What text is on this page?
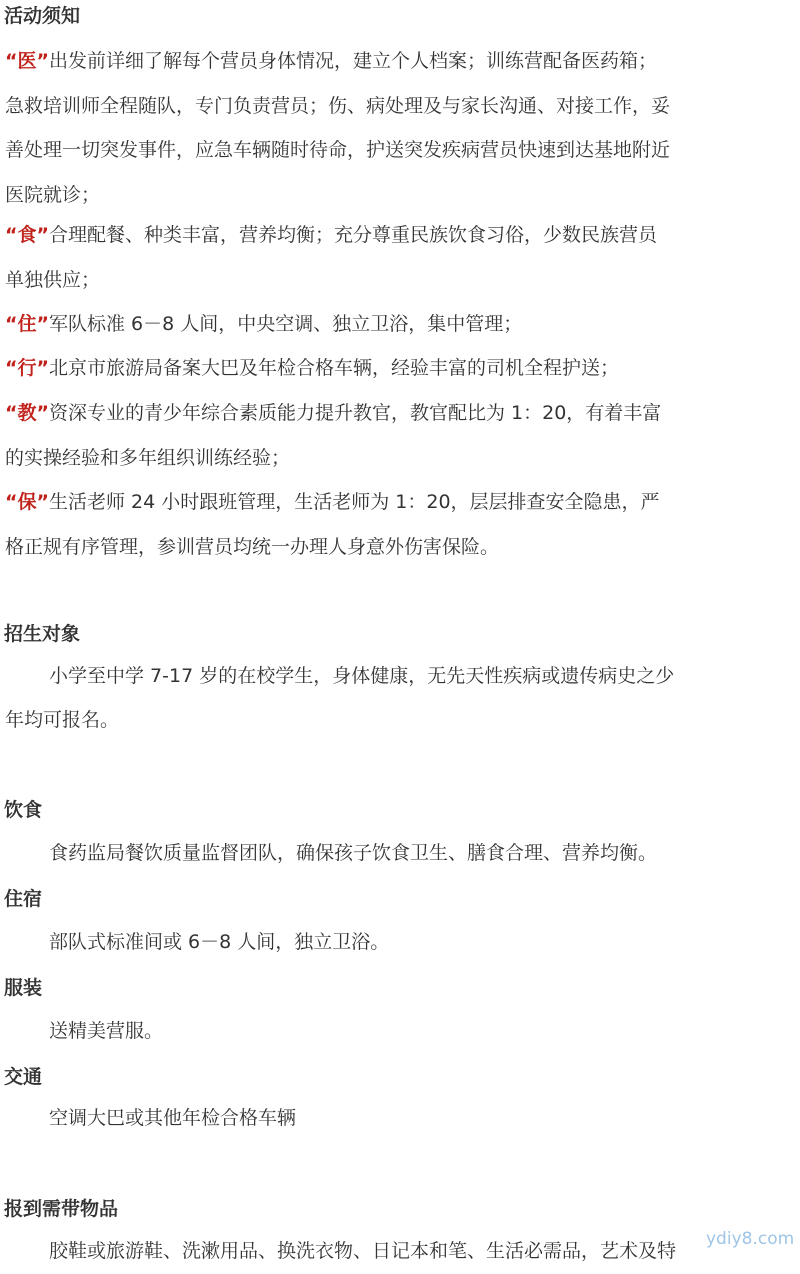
活动须知
“医”出发前详细了解每个营员身体情况，建立个人档案；训练营配备医药箱；
急救培训师全程随队，专门负责营员；伤、病处理及与家长沟通、对接工作，妥
善处理一切突发事件，应急车辆随时待命，护送突发疾病营员快速到达基地附近
医院就诊；
“食”合理配餐、种类丰富，营养均衡；充分尊重民族饮食习俗，少数民族营员
单独供应；
“住”军队标准 6－8 人间，中央空调、独立卫浴，集中管理；
“行”北京市旅游局备案大巴及年检合格车辆，经验丰富的司机全程护送；
“教”资深专业的青少年综合素质能力提升教官，教官配比为 1：20，有着丰富
的实操经验和多年组织训练经验；
“保”生活老师 24 小时跟班管理，生活老师为 1：20，层层排查安全隐患，严
格正规有序管理，参训营员均统一办理人身意外伤害保险。
招生对象
小学至中学 7-17 岁的在校学生，身体健康，无先天性疾病或遗传病史之少
年均可报名。
饮食
食药监局餐饮质量监督团队，确保孩子饮食卫生、膳食合理、营养均衡。
住宿
部队式标准间或 6－8 人间，独立卫浴。
服装
送精美营服。
交通
空调大巴或其他年检合格车辆
报到需带物品
胶鞋或旅游鞋、洗漱用品、换洗衣物、日记本和笔、生活必需品，艺术及特
ydiy8.com
